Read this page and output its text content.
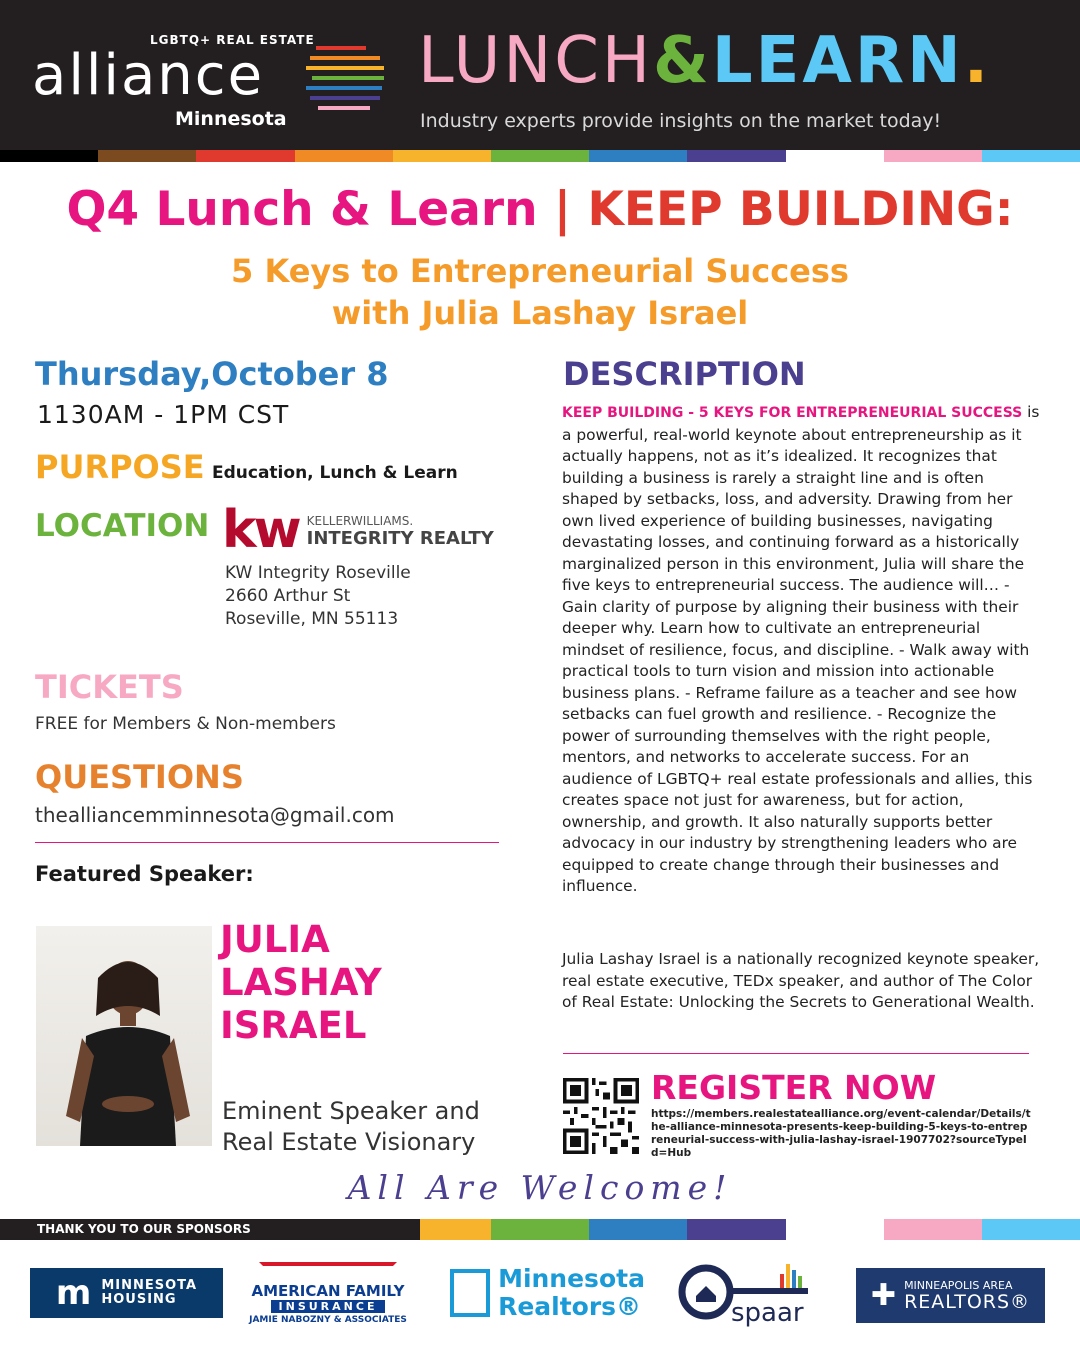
LGBTQ+ REAL ESTATE
alliance
Minnesota
LUNCH&LEARN.
Industry experts provide insights on the market today!
Q4 Lunch & Learn | KEEP BUILDING:
5 Keys to Entrepreneurial Success
with Julia Lashay Israel
Thursday,October 8
1130AM - 1PM CST
PURPOSE Education, Lunch & Learn
LOCATION kw KELLERWILLIAMS.
INTEGRITY REALTY
KW Integrity Roseville
2660 Arthur St
Roseville, MN 55113
TICKETS
FREE for Members & Non-members
QUESTIONS
thealliancemminnesota@gmail.com
Featured Speaker:
JULIA
LASHAY
ISRAEL
Eminent Speaker and
Real Estate Visionary
DESCRIPTION
KEEP BUILDING - 5 KEYS FOR ENTREPRENEURIAL SUCCESS is a powerful, real-world keynote about entrepreneurship as it actually happens, not as it’s idealized. It recognizes that building a business is rarely a straight line and is often shaped by setbacks, loss, and adversity. Drawing from her own lived experience of building businesses, navigating devastating losses, and continuing forward as a historically marginalized person in this environment, Julia will share the five keys to entrepreneurial success. The audience will… - Gain clarity of purpose by aligning their business with their deeper why. Learn how to cultivate an entrepreneurial mindset of resilience, focus, and discipline. - Walk away with practical tools to turn vision and mission into actionable business plans. - Reframe failure as a teacher and see how setbacks can fuel growth and resilience. - Recognize the power of surrounding themselves with the right people, mentors, and networks to accelerate success. For an audience of LGBTQ+ real estate professionals and allies, this creates space not just for awareness, but for action, ownership, and growth. It also naturally supports better advocacy in our industry by strengthening leaders who are equipped to create change through their businesses and influence.
Julia Lashay Israel is a nationally recognized keynote speaker, real estate executive, TEDx speaker, and author of The Color of Real Estate: Unlocking the Secrets to Generational Wealth.
REGISTER NOW
https://members.realestatealliance.org/event-calendar/Details/the-alliance-minnesota-presents-keep-building-5-keys-to-entrepreneurial-success-with-julia-lashay-israel-1907702?sourceTypeId=Hub
All Are Welcome!
THANK YOU TO OUR SPONSORS
m MINNESOTA
HOUSING	AMERICAN FAMILY
INSURANCE
JAMIE NABOZNY & ASSOCIATES
Minnesota
Realtors®	spaar ✚ MINNEAPOLIS AREA
REALTORS®
